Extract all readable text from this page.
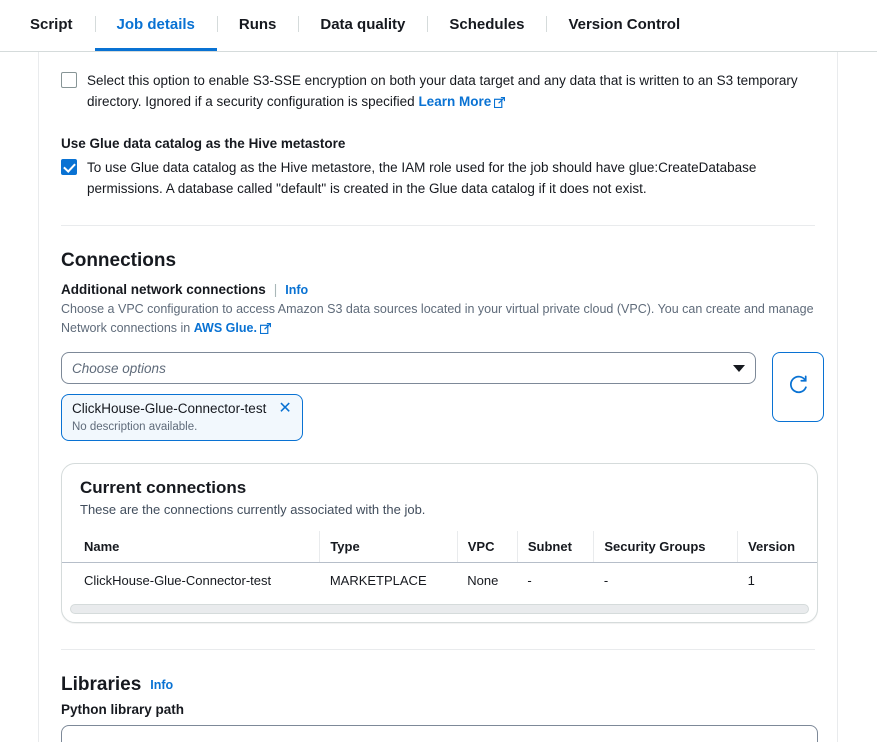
Script	Job details	Runs	Data quality	Schedules	Version Control
Select this option to enable S3-SSE encryption on both your data target and any data that is written to an S3 temporary directory. Ignored if a security configuration is specified Learn More
Use Glue data catalog as the Hive metastore
To use Glue data catalog as the Hive metastore, the IAM role used for the job should have glue:CreateDatabase permissions. A database called "default" is created in the Glue data catalog if it does not exist.
Connections
Additional network connections | Info
Choose a VPC configuration to access Amazon S3 data sources located in your virtual private cloud (VPC). You can create and manage Network connections in AWS Glue.
Choose options
ClickHouse-Glue-Connector-test
No description available.
✕
Current connections
These are the connections currently associated with the job.
Name	Type	VPC	Subnet	Security Groups	Version
ClickHouse-Glue-Connector-test	MARKETPLACE	None	-	-	1
Libraries Info
Python library path
